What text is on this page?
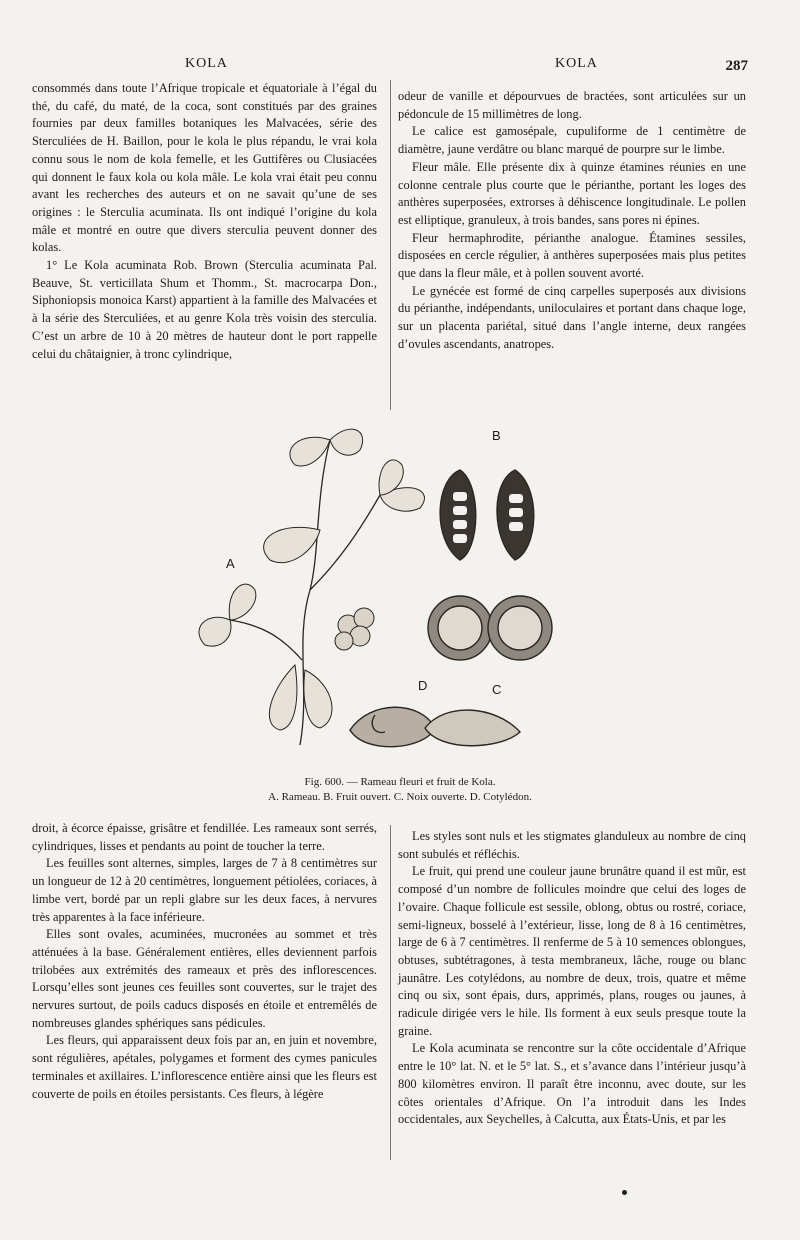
KOLA	KOLA	287

consommés dans toute l’Afrique tropicale et équatoriale à l’égal du thé, du café, du maté, de la coca, sont constitués par des graines fournies par deux familles botaniques les Malvacées, série des Sterculiées de H. Baillon, pour le kola le plus répandu, le vrai kola connu sous le nom de kola femelle, et les Guttifères ou Clusiacées qui donnent le faux kola ou kola mâle. Le kola vrai était peu connu avant les recherches des auteurs et on ne savait qu’une de ses origines : le Sterculia acuminata. Ils ont indiqué l’origine du kola mâle et montré en outre que divers sterculia peuvent donner des kolas.

1° Le Kola acuminata Rob. Brown (Sterculia acuminata Pal. Beauve, St. verticillata Shum et Thomm., St. macrocarpa Don., Siphoniopsis monoica Karst) appartient à la famille des Malvacées et à la série des Sterculiées, et au genre Kola très voisin des sterculia. C’est un arbre de 10 à 20 mètres de hauteur dont le port rappelle celui du châtaignier, à tronc cylindrique,

odeur de vanille et dépourvues de bractées, sont articulées sur un pédoncule de 15 millimètres de long.

Le calice est gamosépale, cupuliforme de 1 centimètre de diamètre, jaune verdâtre ou blanc marqué de pourpre sur le limbe.

Fleur mâle. Elle présente dix à quinze étamines réunies en une colonne centrale plus courte que le périanthe, portant les loges des anthères superposées, extrorses à déhiscence longitudinale. Le pollen est elliptique, granuleux, à trois bandes, sans pores ni épines.

Fleur hermaphrodite, périanthe analogue. Étamines sessiles, disposées en cercle régulier, à anthères superposées mais plus petites que dans la fleur mâle, et à pollen souvent avorté.

Le gynécée est formé de cinq carpelles superposés aux divisions du périanthe, indépendants, uniloculaires et portant dans chaque loge, sur un placenta pariétal, situé dans l’angle interne, deux rangées d’ovules ascendants, anatropes.

A
B
D	C
Fig. 600. — Rameau fleuri et fruit de Kola.
A. Rameau. B. Fruit ouvert. C. Noix ouverte. D. Cotylédon.

droit, à écorce épaisse, grisâtre et fendillée. Les rameaux sont serrés, cylindriques, lisses et pendants au point de toucher la terre.

Les feuilles sont alternes, simples, larges de 7 à 8 centimètres sur un longueur de 12 à 20 centimètres, longuement pétiolées, coriaces, à limbe vert, bordé par un repli glabre sur les deux faces, à nervures très apparentes à la face inférieure.

Elles sont ovales, acuminées, mucronées au sommet et très atténuées à la base. Généralement entières, elles deviennent parfois trilobées aux extrémités des rameaux et près des inflorescences. Lorsqu’elles sont jeunes ces feuilles sont couvertes, sur le trajet des nervures surtout, de poils caducs disposés en étoile et entremêlés de nombreuses glandes sphériques sans pédicules.

Les fleurs, qui apparaissent deux fois par an, en juin et novembre, sont régulières, apétales, polygames et forment des cymes panicules terminales et axillaires. L’inflorescence entière ainsi que les fleurs est couverte de poils en étoiles persistants. Ces fleurs, à légère

Les styles sont nuls et les stigmates glanduleux au nombre de cinq sont subulés et réfléchis.

Le fruit, qui prend une couleur jaune brunâtre quand il est mûr, est composé d’un nombre de follicules moindre que celui des loges de l’ovaire. Chaque follicule est sessile, oblong, obtus ou rostré, coriace, semi-ligneux, bosselé à l’extérieur, lisse, long de 8 à 16 centimètres, large de 6 à 7 centimètres. Il renferme de 5 à 10 semences oblongues, obtuses, subtétragones, à testa membraneux, lâche, rouge ou blanc jaunâtre. Les cotylédons, au nombre de deux, trois, quatre et même cinq ou six, sont épais, durs, apprimés, plans, rouges ou jaunes, à radicule dirigée vers le hile. Ils forment à eux seuls presque toute la graine.

Le Kola acuminata se rencontre sur la côte occidentale d’Afrique entre le 10° lat. N. et le 5° lat. S., et s’avance dans l’intérieur jusqu’à 800 kilomètres environ. Il paraît être inconnu, avec doute, sur les côtes orientales d’Afrique. On l’a introduit dans les Indes occidentales, aux Seychelles, à Calcutta, aux États-Unis, et par les
